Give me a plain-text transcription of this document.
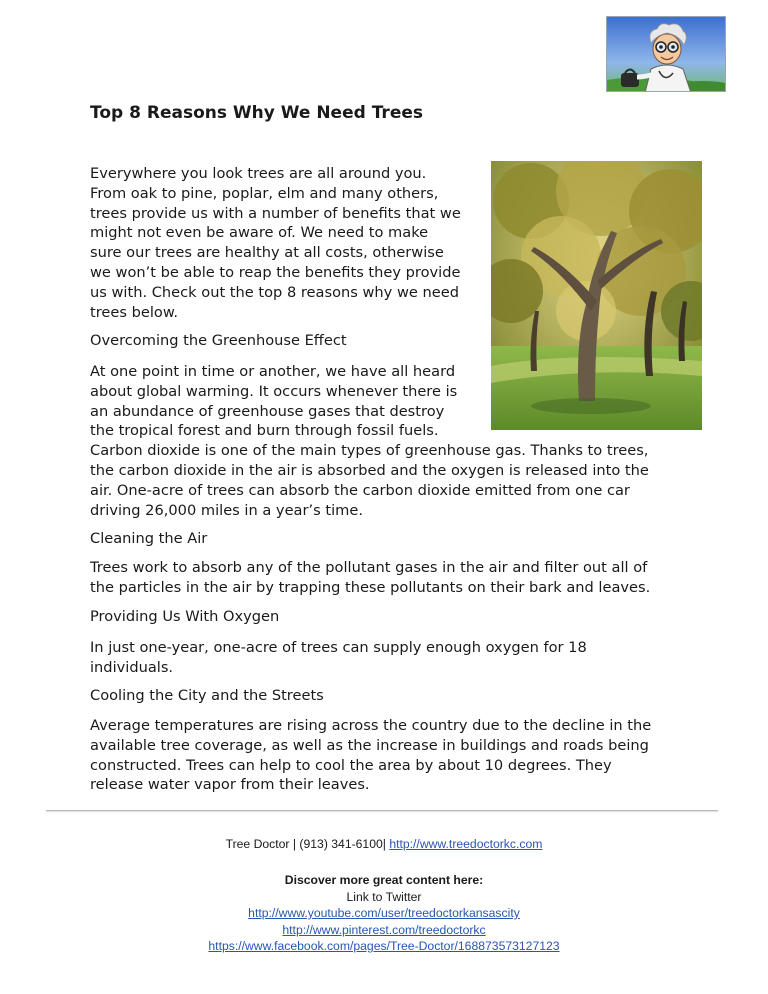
Top 8 Reasons Why We Need Trees
Everywhere you look trees are all around you.
From oak to pine, poplar, elm and many others,
trees provide us with a number of benefits that we
might not even be aware of. We need to make
sure our trees are healthy at all costs, otherwise
we won’t be able to reap the benefits they provide
us with. Check out the top 8 reasons why we need
trees below.
Overcoming the Greenhouse Effect
At one point in time or another, we have all heard
about global warming. It occurs whenever there is
an abundance of greenhouse gases that destroy
the tropical forest and burn through fossil fuels.
Carbon dioxide is one of the main types of greenhouse gas. Thanks to trees,
the carbon dioxide in the air is absorbed and the oxygen is released into the
air. One-acre of trees can absorb the carbon dioxide emitted from one car
driving 26,000 miles in a year’s time.
Cleaning the Air
Trees work to absorb any of the pollutant gases in the air and filter out all of
the particles in the air by trapping these pollutants on their bark and leaves.
Providing Us With Oxygen
In just one-year, one-acre of trees can supply enough oxygen for 18
individuals.
Cooling the City and the Streets
Average temperatures are rising across the country due to the decline in the
available tree coverage, as well as the increase in buildings and roads being
constructed. Trees can help to cool the area by about 10 degrees. They
release water vapor from their leaves.
Tree Doctor | (913) 341-6100| http://www.treedoctorkc.com
Discover more great content here:
Link to Twitter
http://www.youtube.com/user/treedoctorkansascity
http://www.pinterest.com/treedoctorkc
https://www.facebook.com/pages/Tree-Doctor/168873573127123
